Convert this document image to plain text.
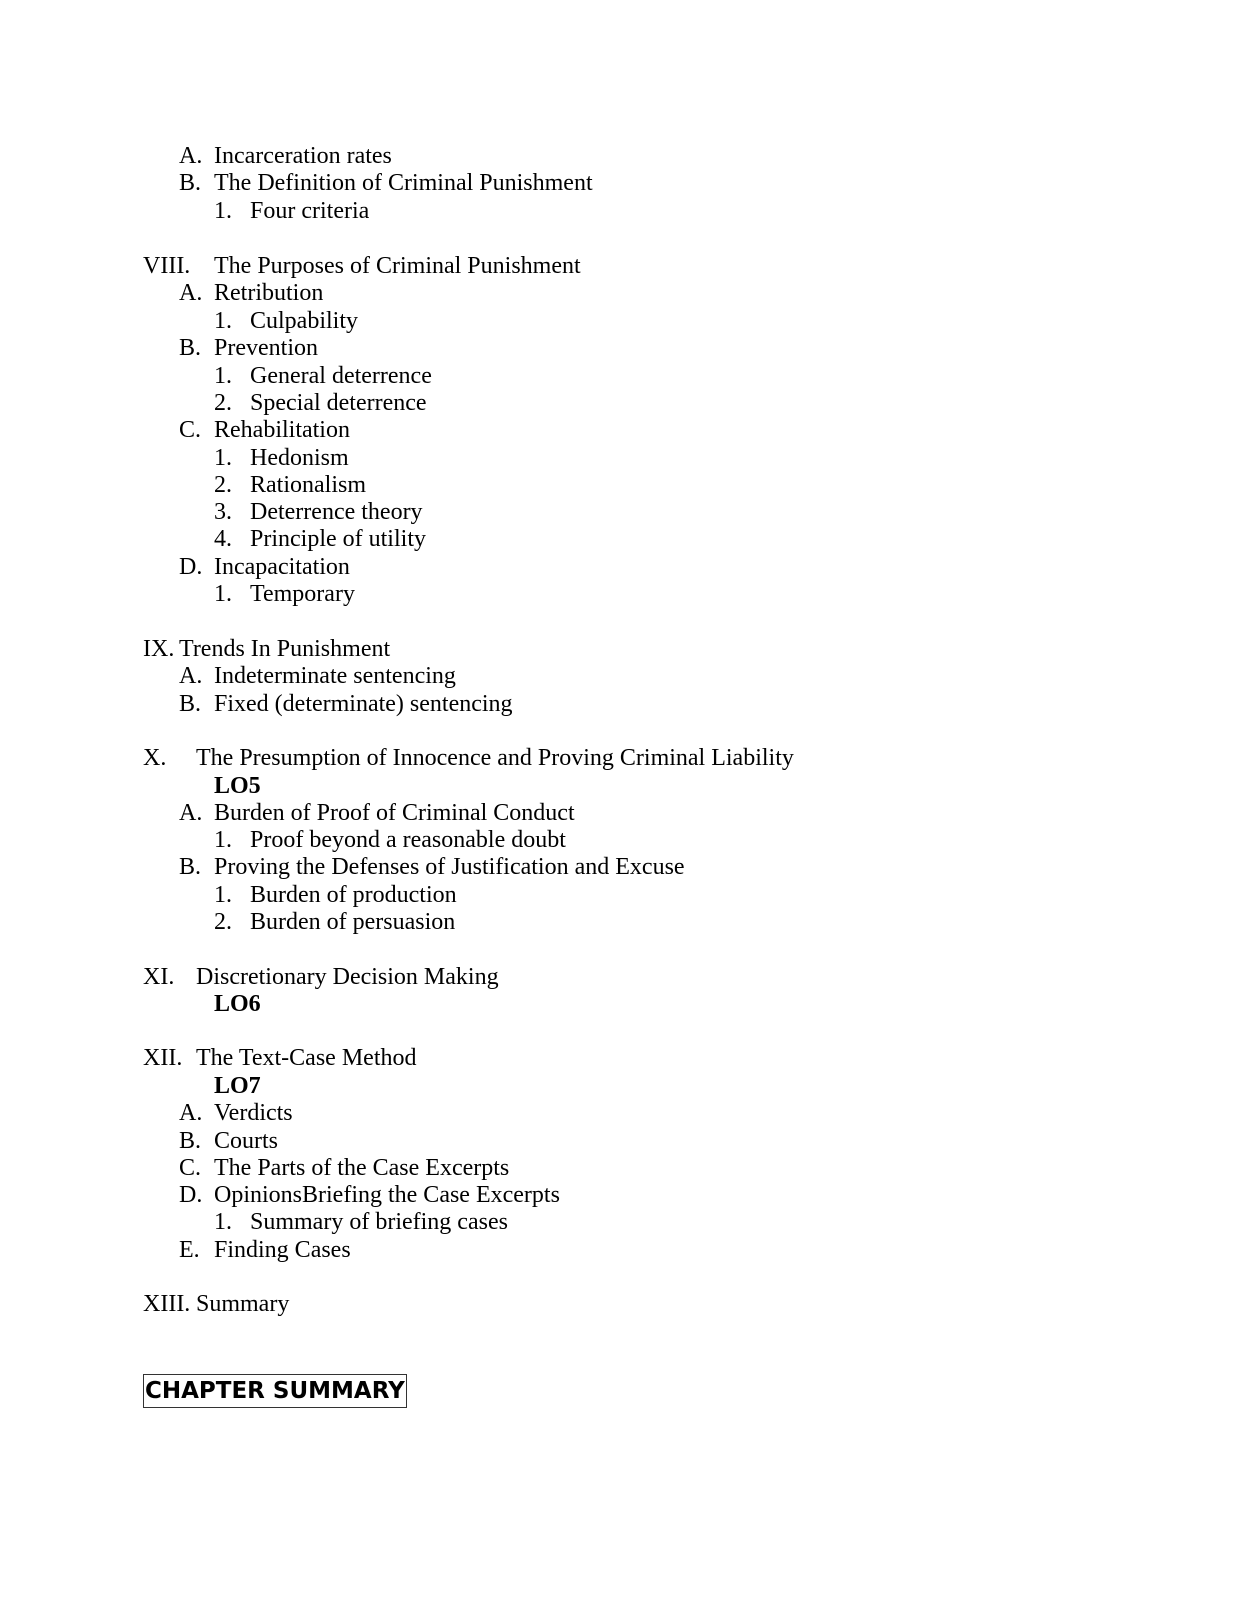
A. Incarceration rates
B. The Definition of Criminal Punishment
1. Four criteria
VIII. The Purposes of Criminal Punishment
A. Retribution
1. Culpability
B. Prevention
1. General deterrence
2. Special deterrence
C. Rehabilitation
1. Hedonism
2. Rationalism
3. Deterrence theory
4. Principle of utility
D. Incapacitation
1. Temporary
IX. Trends In Punishment
A. Indeterminate sentencing
B. Fixed (determinate) sentencing
X. The Presumption of Innocence and Proving Criminal Liability
LO5
A. Burden of Proof of Criminal Conduct
1. Proof beyond a reasonable doubt
B. Proving the Defenses of Justification and Excuse
1. Burden of production
2. Burden of persuasion
XI. Discretionary Decision Making
LO6
XII. The Text-Case Method
LO7
A. Verdicts
B. Courts
C. The Parts of the Case Excerpts
D. OpinionsBriefing the Case Excerpts
1. Summary of briefing cases
E. Finding Cases
XIII. Summary
CHAPTER SUMMARY
